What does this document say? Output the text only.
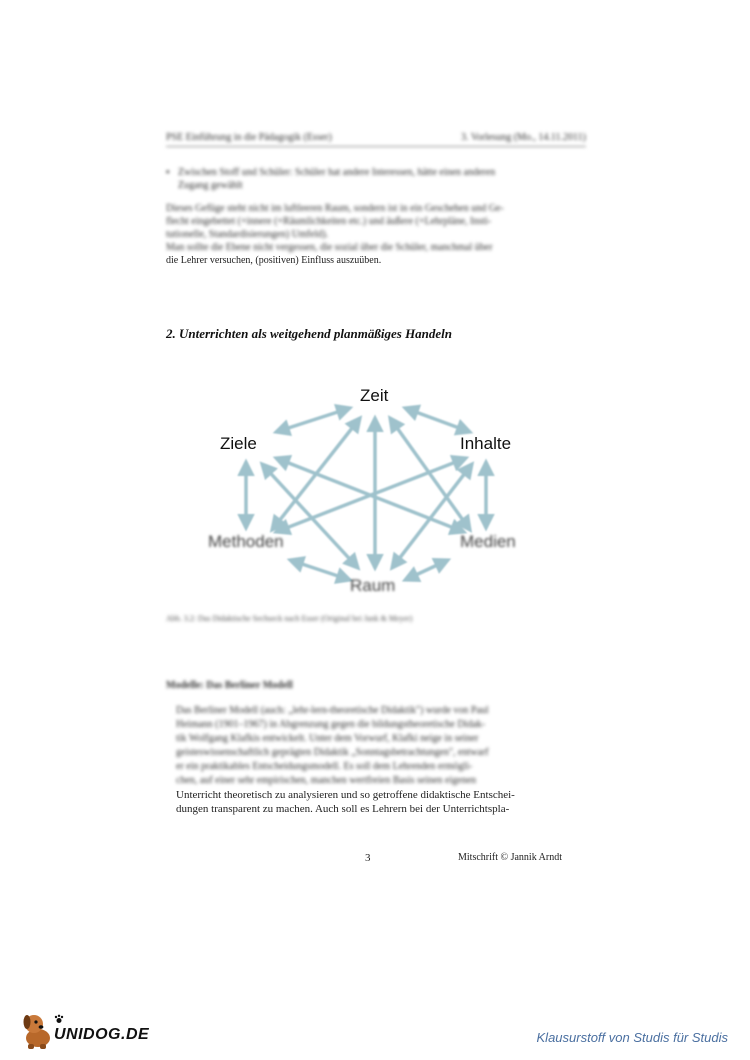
PSE Einführung in die Pädagogik (Esser)	3. Vorlesung (Mo., 14.11.2011)
▪ Zwischen Stoff und Schüler: Schüler hat andere Interessen, hätte einen anderen
Zugang gewählt
Dieses Gefüge steht nicht im luftleeren Raum, sondern ist in ein Geschehen und Ge-
flecht eingebettet (+innere (+Räumlichkeiten etc.) und äußere (+Lehrpläne, Insti-
tutionelle, Standardisierungen) Umfeld).
Man sollte die Ebene nicht vergessen, die sozial über die Schüler, manchmal über
die Lehrer versuchen, (positiven) Einfluss auszuüben.
2. Unterrichten als weitgehend planmäßiges Handeln
Zeit
Ziele	Inhalte
Methoden	Medien
Raum
Abb. 3.2: Das Didaktische Sechseck nach Esser (Original bei Jank & Meyer)
Modelle: Das Berliner Modell
Das Berliner Modell (auch: „lehr-lern-theoretische Didaktik") wurde von Paul
Heimann (1901–1967) in Abgrenzung gegen die bildungstheoretische Didak-
tik Wolfgang Klafkis entwickelt. Unter dem Vorwurf, Klafki neige in seiner
geisteswissenschaftlich geprägten Didaktik „Sonntagsbetrachtungen", entwarf
er ein praktikables Entscheidungsmodell. Es soll dem Lehrenden ermögli-
chen, auf einer sehr empirischen, manchen wertfreien Basis seinen eigenen
Unterricht theoretisch zu analysieren und so getroffene didaktische Entschei-
dungen transparent zu machen. Auch soll es Lehrern bei der Unterrichtspla-
3	Mitschrift © Jannik Arndt
UNIDOG.DE	Klausurstoff von Studis für Studis
